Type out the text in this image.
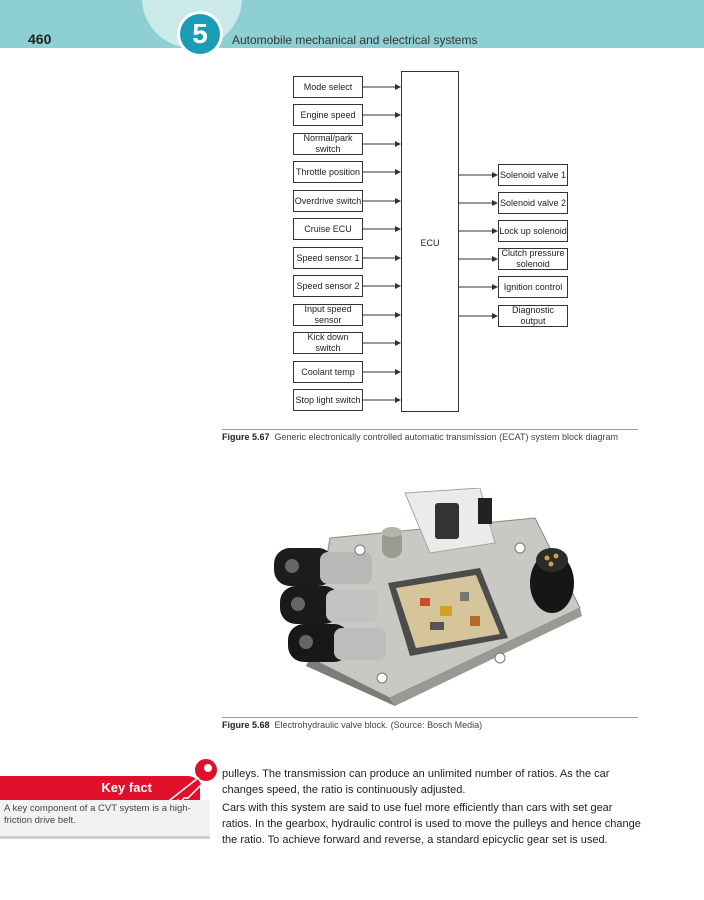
5
460	Automobile mechanical and electrical systems
Mode select
Engine speed
Normal/park switch
Throttle position
Overdrive switch
Cruise ECU
Speed sensor 1
Speed sensor 2
Input speed sensor
Kick down switch
Coolant temp
Stop light switch
ECU
Solenoid valve 1
Solenoid valve 2
Lock up solenoid
Clutch pressure solenoid
Ignition control
Diagnostic output
Figure 5.67 Generic electronically controlled automatic transmission (ECAT) system block diagram
Figure 5.68 Electrohydraulic valve block. (Source: Bosch Media)
Key fact
A key component of a CVT system is a high-friction drive belt.
pulleys. The transmission can produce an unlimited number of ratios. As the car changes speed, the ratio is continuously adjusted.
Cars with this system are said to use fuel more efficiently than cars with set gear ratios. In the gearbox, hydraulic control is used to move the pulleys and hence change the ratio. To achieve forward and reverse, a standard epicyclic gear set is used.
